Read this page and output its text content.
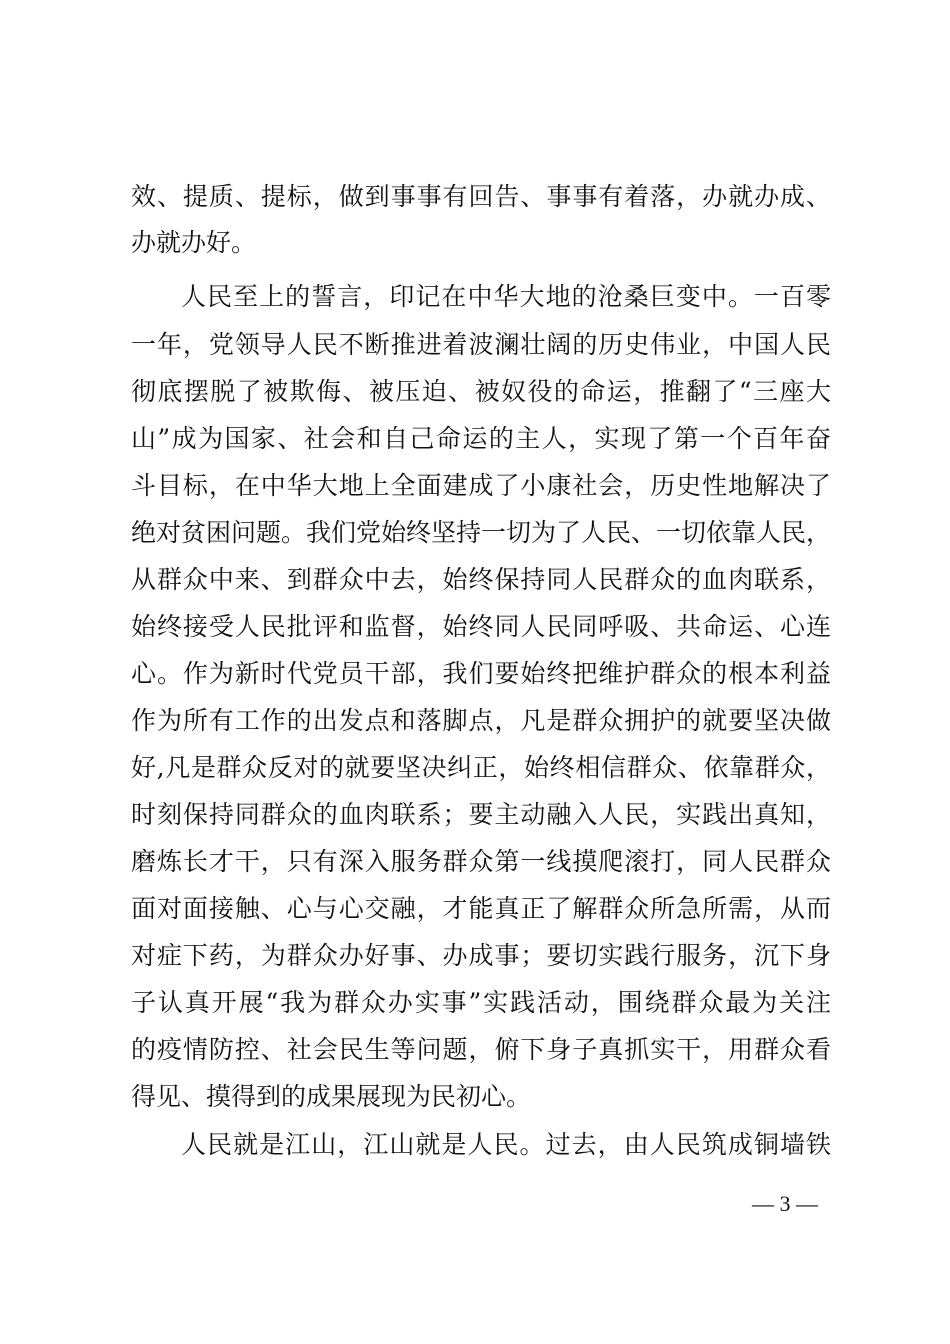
效、提质、提标，做到事事有回告、事事有着落，办就办成、
办就办好。
人民至上的誓言，印记在中华大地的沧桑巨变中。一百零
一年，党领导人民不断推进着波澜壮阔的历史伟业，中国人民
彻底摆脱了被欺侮、被压迫、被奴役的命运，推翻了“三座大
山”成为国家、社会和自己命运的主人，实现了第一个百年奋
斗目标，在中华大地上全面建成了小康社会，历史性地解决了
绝对贫困问题。我们党始终坚持一切为了人民、一切依靠人民，
从群众中来、到群众中去，始终保持同人民群众的血肉联系，
始终接受人民批评和监督，始终同人民同呼吸、共命运、心连
心。作为新时代党员干部，我们要始终把维护群众的根本利益
作为所有工作的出发点和落脚点，凡是群众拥护的就要坚决做
好,凡是群众反对的就要坚决纠正，始终相信群众、依靠群众，
时刻保持同群众的血肉联系；要主动融入人民，实践出真知，
磨炼长才干，只有深入服务群众第一线摸爬滚打，同人民群众
面对面接触、心与心交融，才能真正了解群众所急所需，从而
对症下药，为群众办好事、办成事；要切实践行服务，沉下身
子认真开展“我为群众办实事”实践活动，围绕群众最为关注
的疫情防控、社会民生等问题，俯下身子真抓实干，用群众看
得见、摸得到的成果展现为民初心。
人民就是江山，江山就是人民。过去，由人民筑成铜墙铁
— 3 —
